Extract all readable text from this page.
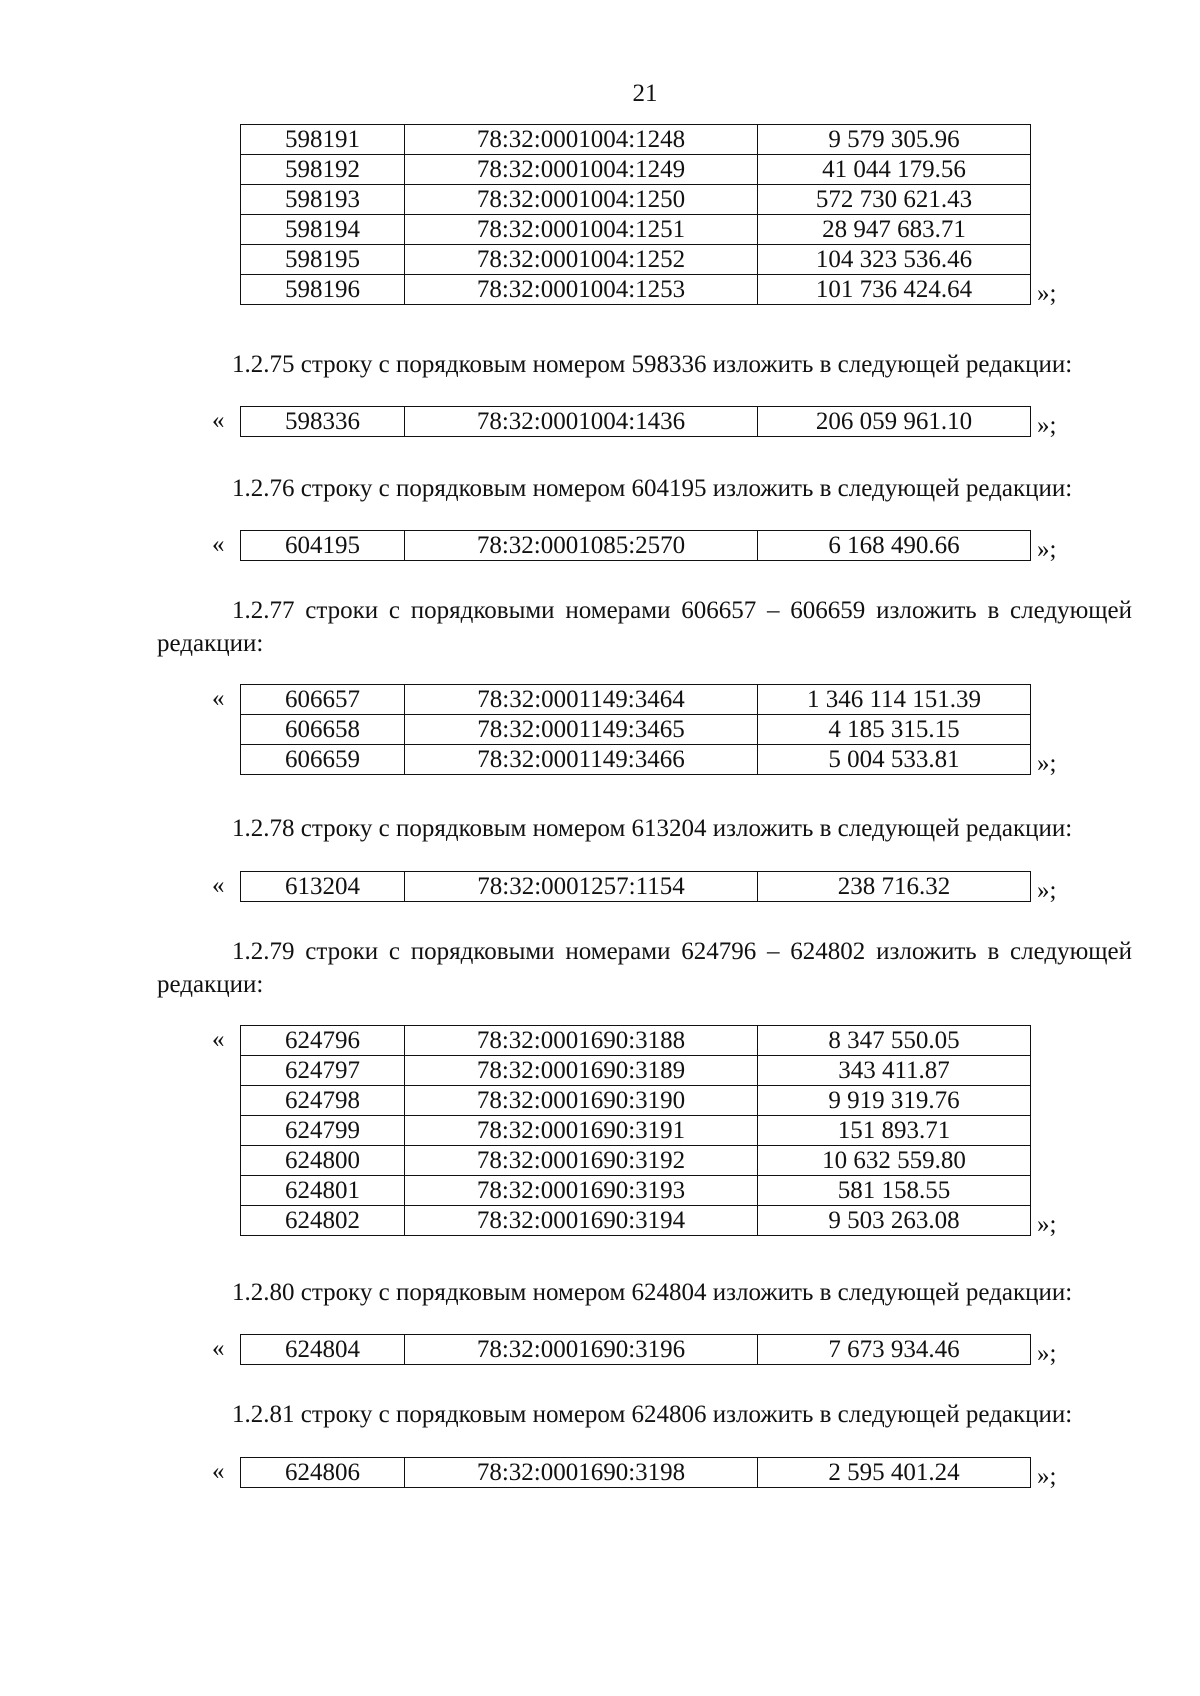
21
598191	78:32:0001004:1248	9 579 305.96
598192	78:32:0001004:1249	41 044 179.56
598193	78:32:0001004:1250	572 730 621.43
598194	78:32:0001004:1251	28 947 683.71
598195	78:32:0001004:1252	104 323 536.46
598196	78:32:0001004:1253	101 736 424.64	»;

1.2.75 строку с порядковым номером 598336 изложить в следующей редакции:

« 598336	78:32:0001004:1436	206 059 961.10	»;

1.2.76 строку с порядковым номером 604195 изложить в следующей редакции:

« 604195	78:32:0001085:2570	6 168 490.66	»;

1.2.77 строки с порядковыми номерами 606657 – 606659 изложить в следующей
редакции:

« 606657	78:32:0001149:3464	1 346 114 151.39
606658	78:32:0001149:3465	4 185 315.15
606659	78:32:0001149:3466	5 004 533.81	»;

1.2.78 строку с порядковым номером 613204 изложить в следующей редакции:

« 613204	78:32:0001257:1154	238 716.32	»;

1.2.79 строки с порядковыми номерами 624796 – 624802 изложить в следующей
редакции:

« 624796	78:32:0001690:3188	8 347 550.05
624797	78:32:0001690:3189	343 411.87
624798	78:32:0001690:3190	9 919 319.76
624799	78:32:0001690:3191	151 893.71
624800	78:32:0001690:3192	10 632 559.80
624801	78:32:0001690:3193	581 158.55
624802	78:32:0001690:3194	9 503 263.08	»;

1.2.80 строку с порядковым номером 624804 изложить в следующей редакции:

« 624804	78:32:0001690:3196	7 673 934.46	»;

1.2.81 строку с порядковым номером 624806 изложить в следующей редакции:

« 624806	78:32:0001690:3198	2 595 401.24	»;
